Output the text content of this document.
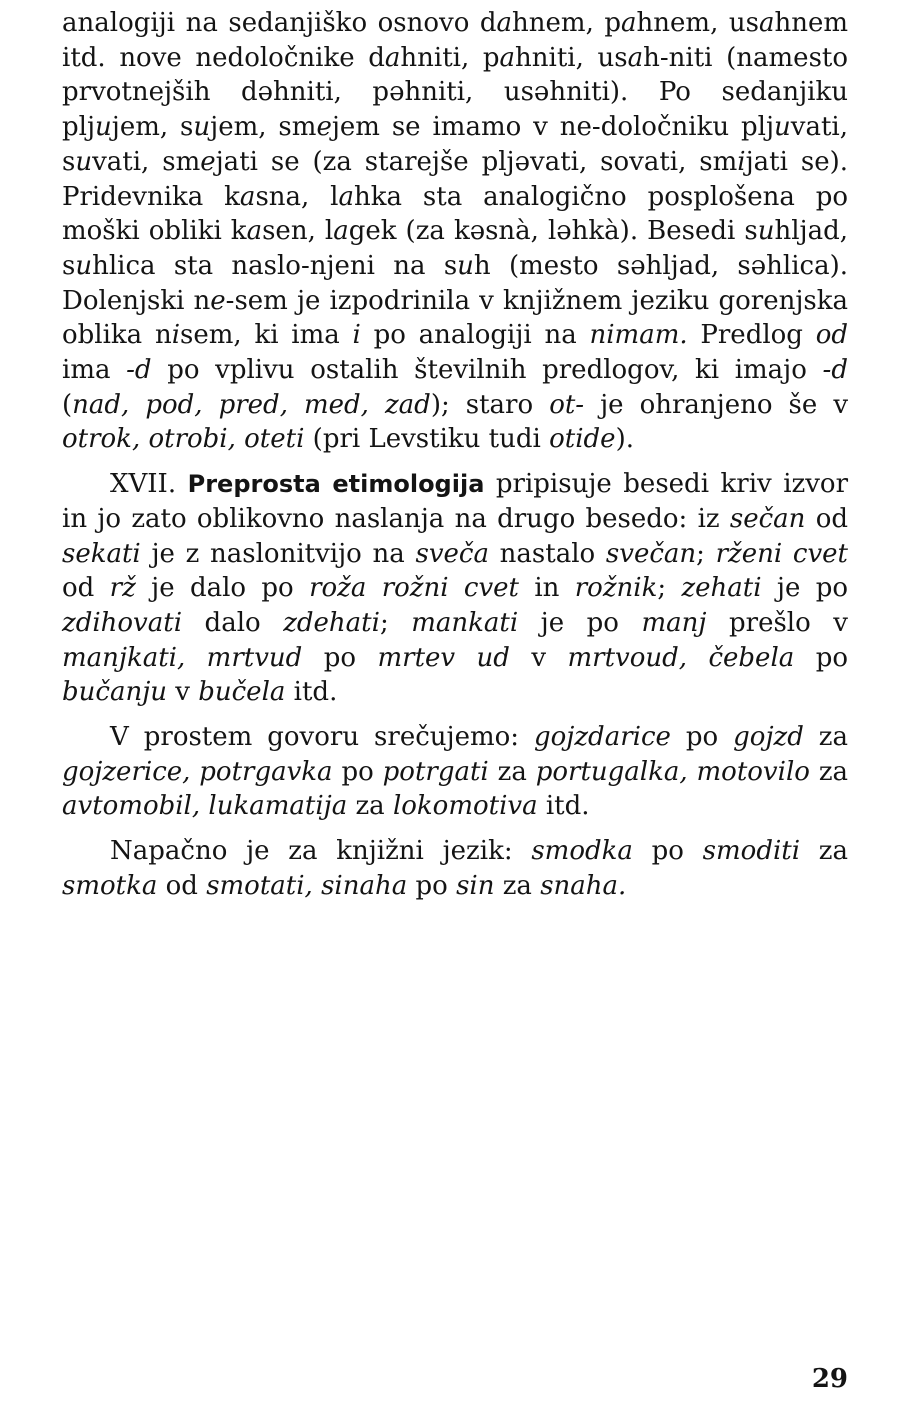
analogiji na sedanjiško osnovo dahnem, pahnem, usahnem itd. nove nedoločnike dahniti, pahniti, usah-niti (namesto prvotnejših dəhniti, pəhniti, usəhniti). Po sedanjiku pljujem, sujem, smejem se imamo v ne-določniku pljuvati, suvati, smejati se (za starejše pljəvati, sovati, smijati se). Pridevnika kasna, lahka sta analogično posplošena po moški obliki kasen, lagek (za kəsnà, ləhkà). Besedi suhljad, suhlica sta naslo-njeni na suh (mesto səhljad, səhlica). Dolenjski ne-sem je izpodrinila v knjižnem jeziku gorenjska oblika nisem, ki ima i po analogiji na nimam. Predlog od ima -d po vplivu ostalih številnih predlogov, ki imajo -d (nad, pod, pred, med, zad); staro ot- je ohranjeno še v otrok, otrobi, oteti (pri Levstiku tudi otide).

XVII. Preprosta etimologija pripisuje besedi kriv izvor in jo zato oblikovno naslanja na drugo besedo: iz sečan od sekati je z naslonitvijo na sveča nastalo svečan; rženi cvet od rž je dalo po roža rožni cvet in rožnik; zehati je po zdihovati dalo zdehati; mankati je po manj prešlo v manjkati, mrtvud po mrtev ud v mrtvoud, čebela po bučanju v bučela itd.

V prostem govoru srečujemo: gojzdarice po gojzd za gojzerice, potrgavka po potrgati za portugalka, motovilo za avtomobil, lukamatija za lokomotiva itd.

Napačno je za knjižni jezik: smodka po smoditi za smotka od smotati, sinaha po sin za snaha.

29
